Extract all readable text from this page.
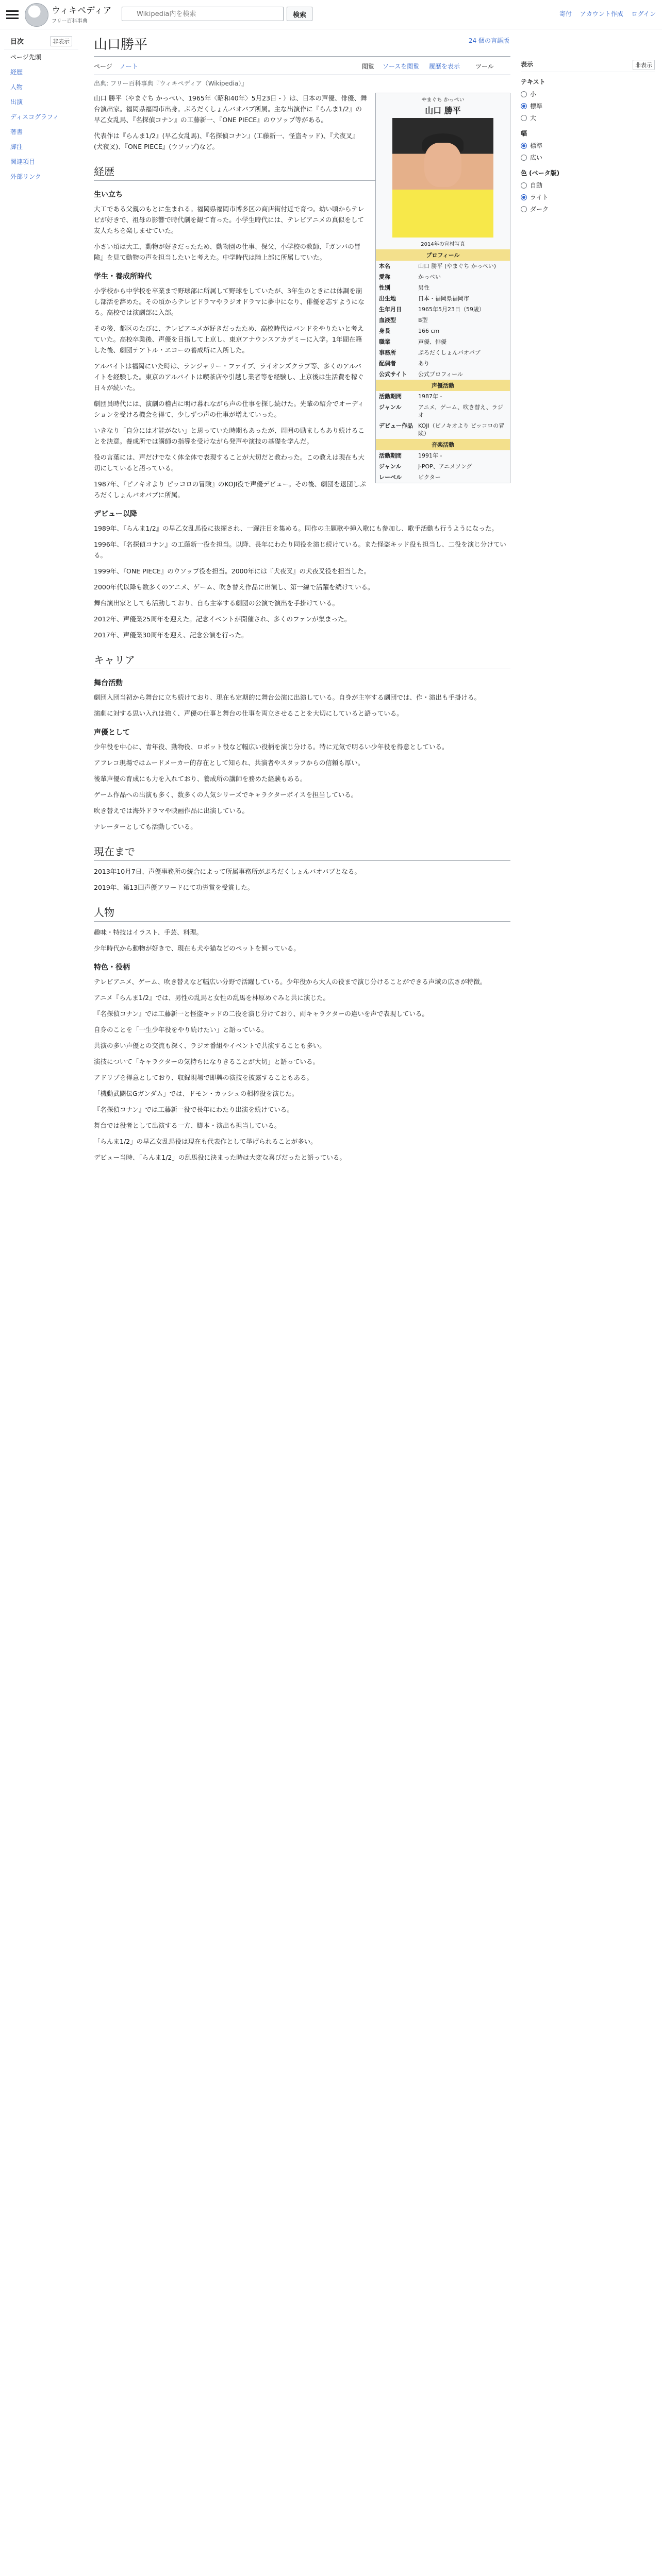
ウィキペディア
フリー百科事典
Wikipedia内を検索
検索	寄付 アカウント作成 ログイン
目次	非表示
ページ先頭
経歴
人物
出演
ディスコグラフィ
著書
脚注
関連項目
外部リンク
山口勝平	24 個の言語版
ページ ノート	閲覧 ソースを閲覧 履歴を表示 ツール
出典: フリー百科事典『ウィキペディア（Wikipedia）』
やまぐち かっぺい
山口 勝平
2014年の宣材写真
プロフィール
本名	山口 勝平 (やまぐち かっぺい)
愛称	かっぺい
性別	男性
出生地	日本・福岡県福岡市
生年月日	1965年5月23日（59歳）
血液型	B型
身長	166 cm
職業	声優、俳優
事務所	ぷろだくしょんバオバブ
配偶者	あり
公式サイト	公式プロフィール
声優活動
活動期間	1987年 -
ジャンル	アニメ、ゲーム、吹き替え、ラジオ
デビュー作品 KOJI（ピノキオより ピッコロの冒険）
音楽活動
活動期間	1991年 -
ジャンル	J-POP、アニメソング
レーベル	ビクター

山口 勝平（やまぐち かっぺい、1965年〈昭和40年〉5月23日 - ）は、日本の声優、俳優、舞台演出家。福岡県福岡市出身。ぷろだくしょんバオバブ所属。主な出演作に『らんま1/2』の早乙女乱馬、『名探偵コナン』の工藤新一、『ONE PIECE』のウソップ等がある。

代表作は『らんま1/2』(早乙女乱馬)、『名探偵コナン』(工藤新一、怪盗キッド)、『犬夜叉』(犬夜叉)、『ONE PIECE』(ウソップ)など。

経歴
生い立ち

大工である父親のもとに生まれる。福岡県福岡市博多区の商店街付近で育つ。幼い頃からテレビが好きで、祖母の影響で時代劇を観て育った。小学生時代には、テレビアニメの真似をして友人たちを楽しませていた。

小さい頃は大工、動物が好きだったため、動物園の仕事、保父、小学校の教師、『ガンバの冒険』を見て動物の声を担当したいと考えた。中学時代は陸上部に所属していた。

学生・養成所時代

小学校から中学校を卒業まで野球部に所属して野球をしていたが、3年生のときには体調を崩し部活を辞めた。その頃からテレビドラマやラジオドラマに夢中になり、俳優を志すようになる。高校では演劇部に入部。

その後、都区のたびに、テレビアニメが好きだったため、高校時代はバンドをやりたいと考えていた。高校卒業後、声優を目指して上京し、東京アナウンスアカデミーに入学。1年間在籍した後、劇団テアトル・エコーの養成所に入所した。

アルバイトは福岡にいた時は、ランジャリー・ファイブ、ライオンズクラブ等、多くのアルバイトを経験した。東京のアルバイトは喫茶店や引越し業者等を経験し、上京後は生活費を稼ぐ日々が続いた。

劇団員時代には、演劇の稽古に明け暮れながら声の仕事を探し続けた。先輩の紹介でオーディションを受ける機会を得て、少しずつ声の仕事が増えていった。

いきなり「自分には才能がない」と思っていた時期もあったが、周囲の励ましもあり続けることを決意。養成所では講師の指導を受けながら発声や演技の基礎を学んだ。

役の言葉には、声だけでなく体全体で表現することが大切だと教わった。この教えは現在も大切にしていると語っている。

1987年、『ピノキオより ピッコロの冒険』のKOJI役で声優デビュー。その後、劇団を退団しぷろだくしょんバオバブに所属。

デビュー以降

1989年、『らんま1/2』の早乙女乱馬役に抜擢され、一躍注目を集める。同作の主題歌や挿入歌にも参加し、歌手活動も行うようになった。

1996年、『名探偵コナン』の工藤新一役を担当。以降、長年にわたり同役を演じ続けている。また怪盗キッド役も担当し、二役を演じ分けている。

1999年、『ONE PIECE』のウソップ役を担当。2000年には『犬夜叉』の犬夜叉役を担当した。

2000年代以降も数多くのアニメ、ゲーム、吹き替え作品に出演し、第一線で活躍を続けている。

舞台演出家としても活動しており、自ら主宰する劇団の公演で演出を手掛けている。

2012年、声優業25周年を迎えた。記念イベントが開催され、多くのファンが集まった。

2017年、声優業30周年を迎え、記念公演を行った。

キャリア
舞台活動

劇団入団当初から舞台に立ち続けており、現在も定期的に舞台公演に出演している。自身が主宰する劇団では、作・演出も手掛ける。

演劇に対する思い入れは強く、声優の仕事と舞台の仕事を両立させることを大切にしていると語っている。

声優として

少年役を中心に、青年役、動物役、ロボット役など幅広い役柄を演じ分ける。特に元気で明るい少年役を得意としている。

アフレコ現場ではムードメーカー的存在として知られ、共演者やスタッフからの信頼も厚い。

後輩声優の育成にも力を入れており、養成所の講師を務めた経験もある。

ゲーム作品への出演も多く、数多くの人気シリーズでキャラクターボイスを担当している。

吹き替えでは海外ドラマや映画作品に出演している。

ナレーターとしても活動している。

現在まで

2013年10月7日、声優事務所の統合によって所属事務所がぷろだくしょんバオバブとなる。

2019年、第13回声優アワードにて功労賞を受賞した。

人物

趣味・特技はイラスト、手芸、料理。

少年時代から動物が好きで、現在も犬や猫などのペットを飼っている。

特色・役柄

テレビアニメ、ゲーム、吹き替えなど幅広い分野で活躍している。少年役から大人の役まで演じ分けることができる声域の広さが特徴。

アニメ『らんま1/2』では、男性の乱馬と女性の乱馬を林原めぐみと共に演じた。

『名探偵コナン』では工藤新一と怪盗キッドの二役を演じ分けており、両キャラクターの違いを声で表現している。

自身のことを「一生少年役をやり続けたい」と語っている。

共演の多い声優との交流も深く、ラジオ番組やイベントで共演することも多い。

演技について「キャラクターの気持ちになりきることが大切」と語っている。

アドリブを得意としており、収録現場で即興の演技を披露することもある。

「機動武闘伝Gガンダム」では、ドモン・カッシュの相棒役を演じた。

『名探偵コナン』では工藤新一役で長年にわたり出演を続けている。

舞台では役者として出演する一方、脚本・演出も担当している。

「らんま1/2」の早乙女乱馬役は現在も代表作として挙げられることが多い。

デビュー当時、「らんま1/2」の乱馬役に決まった時は大変な喜びだったと語っている。

表示	非表示
テキスト
小
標準
大
幅
標準
広い
色 (ベータ版)
自動
ライト
ダーク
